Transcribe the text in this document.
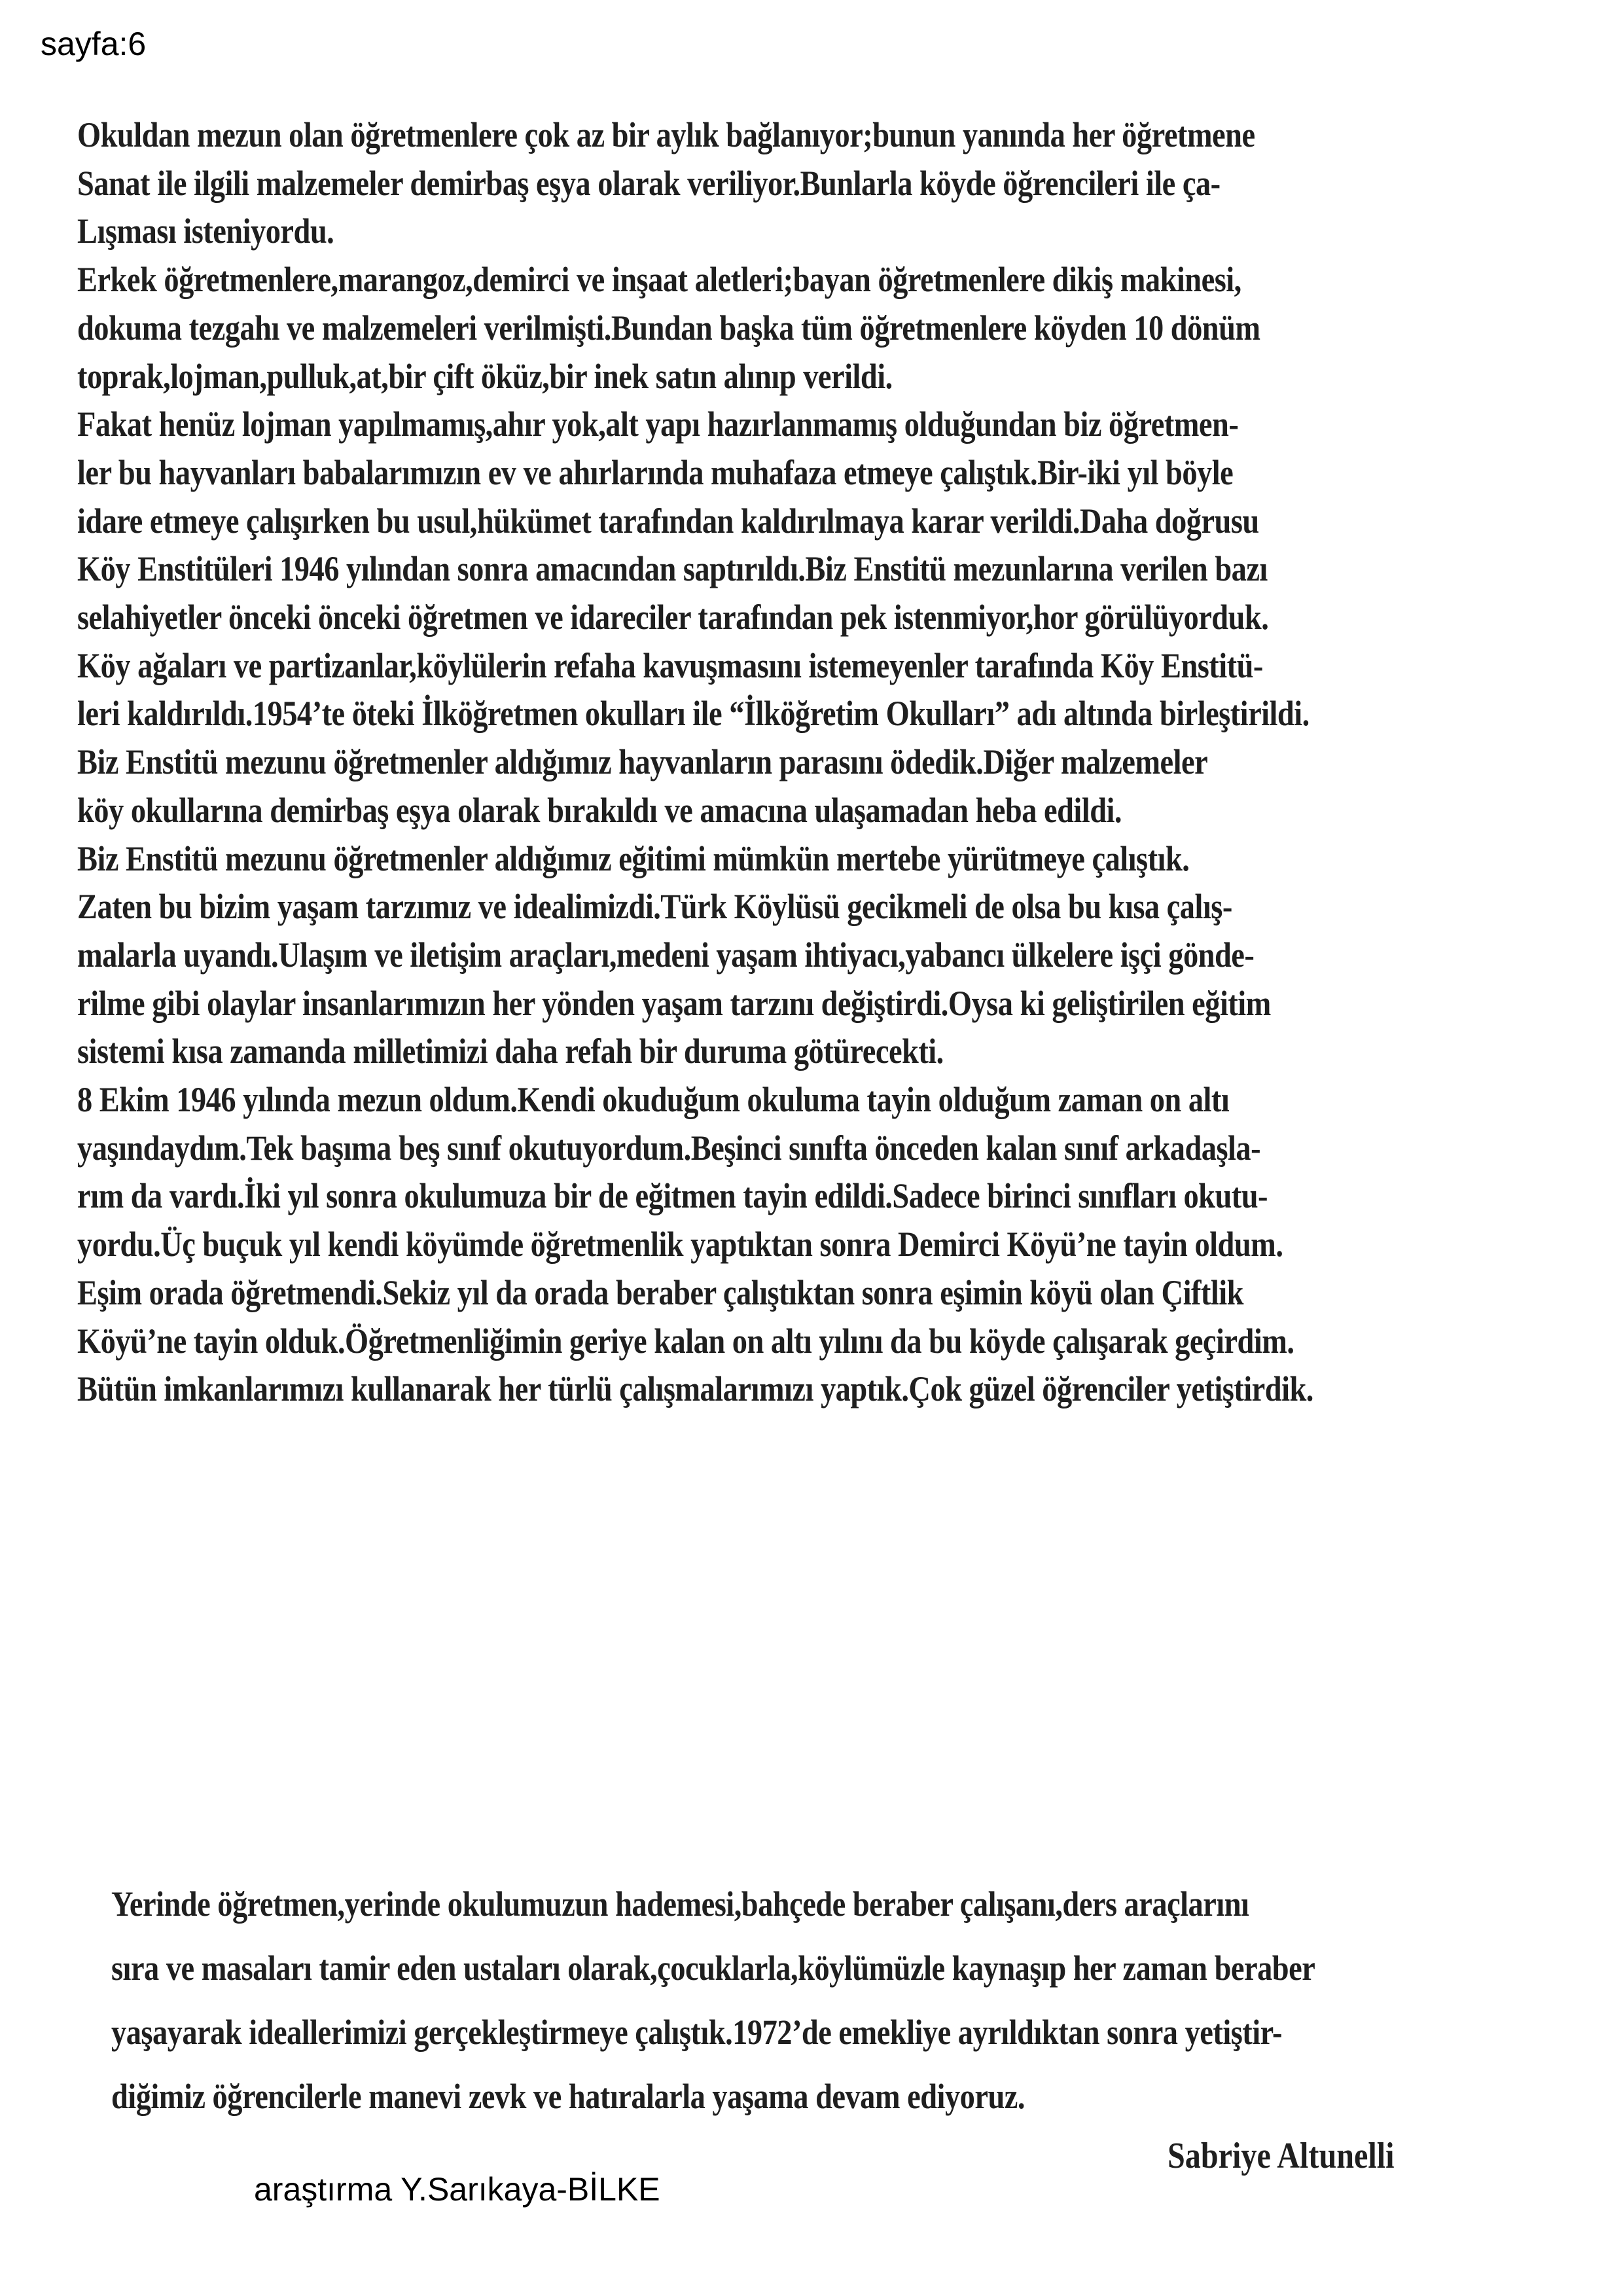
sayfa:6
Okuldan mezun olan öğretmenlere çok az bir aylık bağlanıyor;bunun yanında her öğretmene
Sanat ile ilgili malzemeler demirbaş eşya olarak veriliyor.Bunlarla köyde öğrencileri ile ça-
Lışması isteniyordu.
Erkek öğretmenlere,marangoz,demirci ve inşaat aletleri;bayan öğretmenlere dikiş makinesi,
dokuma tezgahı ve malzemeleri verilmişti.Bundan başka tüm öğretmenlere köyden 10 dönüm
toprak,lojman,pulluk,at,bir çift öküz,bir inek satın alınıp verildi.
Fakat henüz lojman yapılmamış,ahır yok,alt yapı hazırlanmamış olduğundan biz öğretmen-
ler bu hayvanları babalarımızın ev ve ahırlarında muhafaza etmeye çalıştık.Bir-iki yıl böyle
idare etmeye çalışırken bu usul,hükümet tarafından kaldırılmaya karar verildi.Daha doğrusu
Köy Enstitüleri 1946 yılından sonra amacından saptırıldı.Biz Enstitü mezunlarına verilen bazı
selahiyetler önceki önceki öğretmen ve idareciler tarafından pek istenmiyor,hor görülüyorduk.
Köy ağaları ve partizanlar,köylülerin refaha kavuşmasını istemeyenler tarafında Köy Enstitü-
leri kaldırıldı.1954’te öteki İlköğretmen okulları ile “İlköğretim Okulları” adı altında birleştirildi.
Biz Enstitü mezunu öğretmenler aldığımız hayvanların parasını ödedik.Diğer malzemeler
köy okullarına demirbaş eşya olarak bırakıldı ve amacına ulaşamadan heba edildi.
Biz Enstitü mezunu öğretmenler aldığımız eğitimi mümkün mertebe yürütmeye çalıştık.
Zaten bu bizim yaşam tarzımız ve idealimizdi.Türk Köylüsü gecikmeli de olsa bu kısa çalış-
malarla uyandı.Ulaşım ve iletişim araçları,medeni yaşam ihtiyacı,yabancı ülkelere işçi gönde-
rilme gibi olaylar insanlarımızın her yönden yaşam tarzını değiştirdi.Oysa ki geliştirilen eğitim
sistemi kısa zamanda milletimizi daha refah bir duruma götürecekti.
8 Ekim 1946 yılında mezun oldum.Kendi okuduğum okuluma tayin olduğum zaman on altı
yaşındaydım.Tek başıma beş sınıf okutuyordum.Beşinci sınıfta önceden kalan sınıf arkadaşla-
rım da vardı.İki yıl sonra okulumuza bir de eğitmen tayin edildi.Sadece birinci sınıfları okutu-
yordu.Üç buçuk yıl kendi köyümde öğretmenlik yaptıktan sonra Demirci Köyü’ne tayin oldum.
Eşim orada öğretmendi.Sekiz yıl da orada beraber çalıştıktan sonra eşimin köyü olan Çiftlik
Köyü’ne tayin olduk.Öğretmenliğimin geriye kalan on altı yılını da bu köyde çalışarak geçirdim.
Bütün imkanlarımızı kullanarak her türlü çalışmalarımızı yaptık.Çok güzel öğrenciler yetiştirdik.
Yerinde öğretmen,yerinde okulumuzun hademesi,bahçede beraber çalışanı,ders araçlarını
sıra ve masaları tamir eden ustaları olarak,çocuklarla,köylümüzle kaynaşıp her zaman beraber
yaşayarak ideallerimizi gerçekleştirmeye çalıştık.1972’de emekliye ayrıldıktan sonra yetiştir-
diğimiz öğrencilerle manevi zevk ve hatıralarla yaşama devam ediyoruz.
Sabriye Altunelli
araştırma Y.Sarıkaya-BİLKE
